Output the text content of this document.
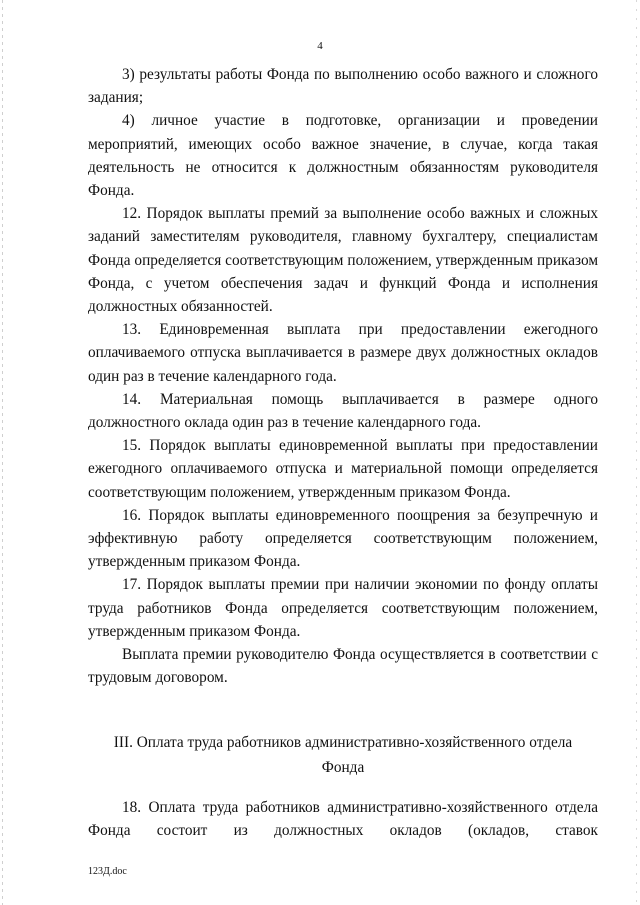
4

3) результаты работы Фонда по выполнению особо важного и сложного задания;

4) личное участие в подготовке, организации и проведении мероприятий, имеющих особо важное значение, в случае, когда такая деятельность не относится к должностным обязанностям руководителя Фонда.

12. Порядок выплаты премий за выполнение особо важных и сложных заданий заместителям руководителя, главному бухгалтеру, специалистам Фонда определяется соответствующим положением, утвержденным приказом Фонда, с учетом обеспечения задач и функций Фонда и исполнения должностных обязанностей.

13. Единовременная выплата при предоставлении ежегодного оплачиваемого отпуска выплачивается в размере двух должностных окладов один раз в течение календарного года.

14. Материальная помощь выплачивается в размере одного должностного оклада один раз в течение календарного года.

15. Порядок выплаты единовременной выплаты при предоставлении ежегодного оплачиваемого отпуска и материальной помощи определяется соответствующим положением, утвержденным приказом Фонда.

16. Порядок выплаты единовременного поощрения за безупречную и эффективную работу определяется соответствующим положением, утвержденным приказом Фонда.

17. Порядок выплаты премии при наличии экономии по фонду оплаты труда работников Фонда определяется соответствующим положением, утвержденным приказом Фонда.

Выплата премии руководителю Фонда осуществляется в соответствии с трудовым договором.

III. Оплата труда работников административно-хозяйственного отдела
Фонда

18. Оплата труда работников административно-хозяйственного отдела Фонда состоит из должностных окладов (окладов, ставок

123Д.doc
